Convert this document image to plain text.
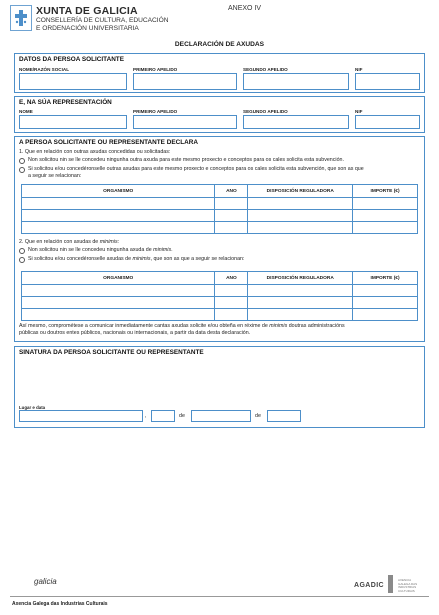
XUNTA DE GALICIA
CONSELLERÍA DE CULTURA, EDUCACIÓN
E ORDENACIÓN UNIVERSITARIA
ANEXO IV
DECLARACIÓN DE AXUDAS
DATOS DA PERSOA SOLICITANTE
NOME/RAZÓN SOCIAL	PRIMEIRO APELIDO	SEGUNDO APELIDO	NIF
E, NA SÚA REPRESENTACIÓN
NOME	PRIMEIRO APELIDO	SEGUNDO APELIDO	NIF
A PERSOA SOLICITANTE OU REPRESENTANTE DECLARA
1. Que en relación con outras axudas concedidas ou solicitadas:
Non solicitou nin se lle concedeu ningunha outra axuda para este mesmo proxecto e conceptos para os cales solicita esta subvención.
Si solicitou e/ou concedéronselle outras axudas para este mesmo proxecto e conceptos para os cales solicita esta subvención, que son as que
a seguir se relacionan:
ORGANISMO	ANO	DISPOSICIÓN REGULADORA	IMPORTE (€)

2. Que en relación con axudas de minimis:
Non solicitou nin se lle concedeu ningunha axuda de minimis.
Si solicitou e/ou concedéronselle axudas de minimis, que son as que a seguir se relacionan:
ORGANISMO	ANO	DISPOSICIÓN REGULADORA	IMPORTE (€)

Así mesmo, comprométese a comunicar inmediatamente cantas axudas solicite e/ou obteña en réxime de minimis doutras administracións
públicas ou doutros entes públicos, nacionais ou internacionais, a partir da data desta declaración.
SINATURA DA PERSOA SOLICITANTE OU REPRESENTANTE
Lugar e data
,	de	de
galicia	AGADIC
AXENCIA GALEGA DAS INDUSTRIAS CULTURAIS
Axencia Galega das Industrias Culturais
